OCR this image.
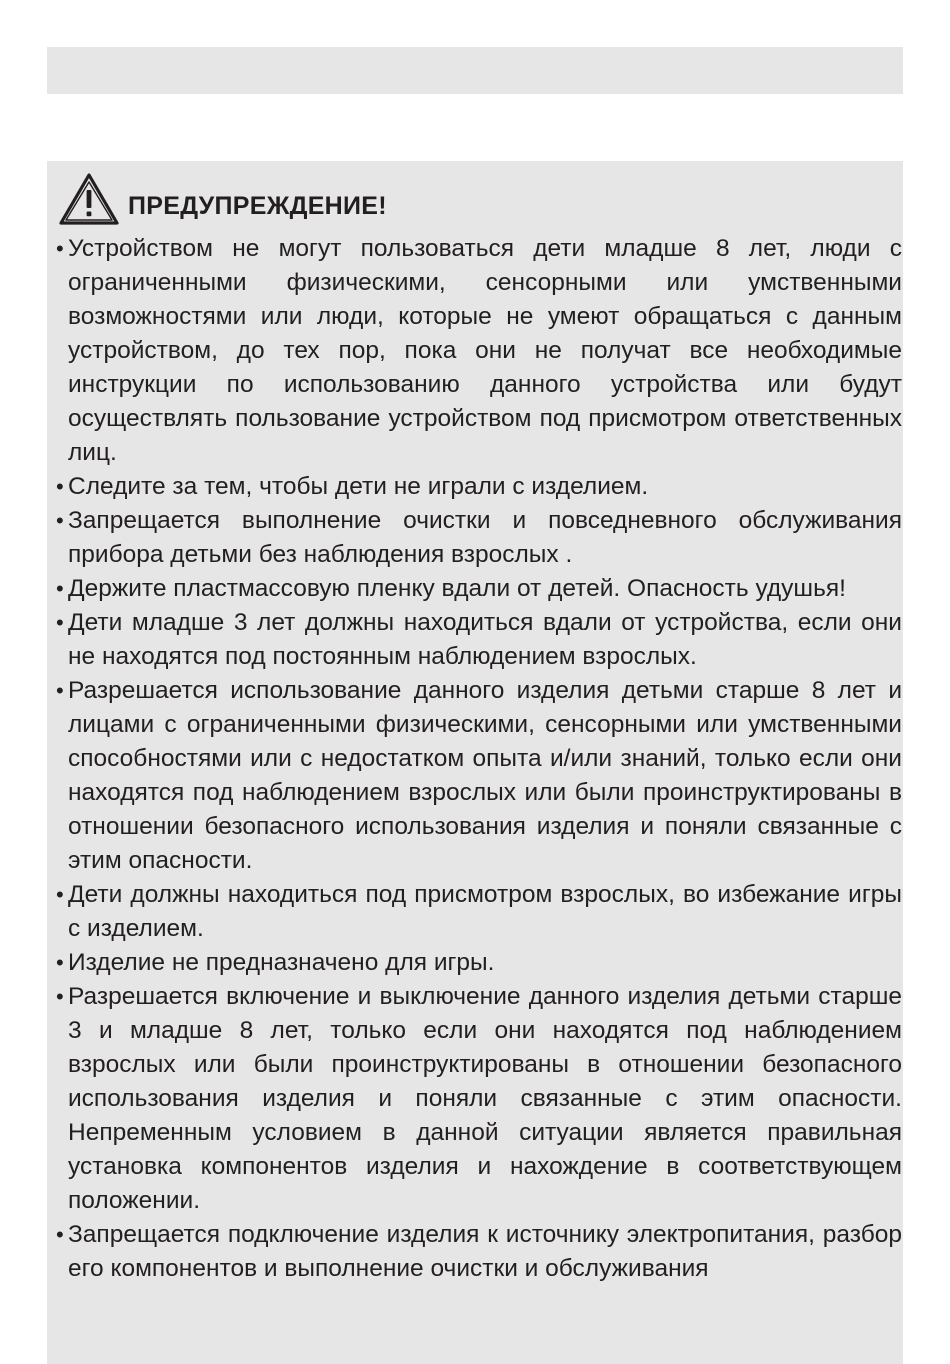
ПРЕДУПРЕЖДЕНИЕ!
• Устройством не могут пользоваться дети младше 8 лет, люди с ограниченными физическими, сенсорными или умственными возможностями или люди, которые не умеют обращаться с данным устройством, до тех пор, пока они не получат все необходимые инструкции по использованию данного устройства или будут осуществлять пользование устройством под присмотром ответственных лиц.
• Следите за тем, чтобы дети не играли с изделием.
• Запрещается выполнение очистки и повседневного обслуживания прибора детьми без наблюдения взрослых .
• Держите пластмассовую пленку вдали от детей. Опасность удушья!
• Дети младше 3 лет должны находиться вдали от устройства, если они не находятся под постоянным наблюдением взрослых.
• Разрешается использование данного изделия детьми старше 8 лет и лицами с ограниченными физическими, сенсорными или умственными способностями или с недостатком опыта и/или знаний, только если они находятся под наблюдением взрослых или были проинструктированы в отношении безопасного использования изделия и поняли связанные с этим опасности.
• Дети должны находиться под присмотром взрослых, во избежание игры с изделием.
• Изделие не предназначено для игры.
• Разрешается включение и выключение данного изделия детьми старше 3 и младше 8 лет, только если они находятся под наблюдением взрослых или были проинструктированы в отношении безопасного использования изделия и поняли связанные с этим опасности. Непременным условием в данной ситуации является правильная установка компонентов изделия и нахождение в соответствующем положении.
• Запрещается подключение изделия к источнику электропитания, разбор его компонентов и выполнение очистки и обслуживания
